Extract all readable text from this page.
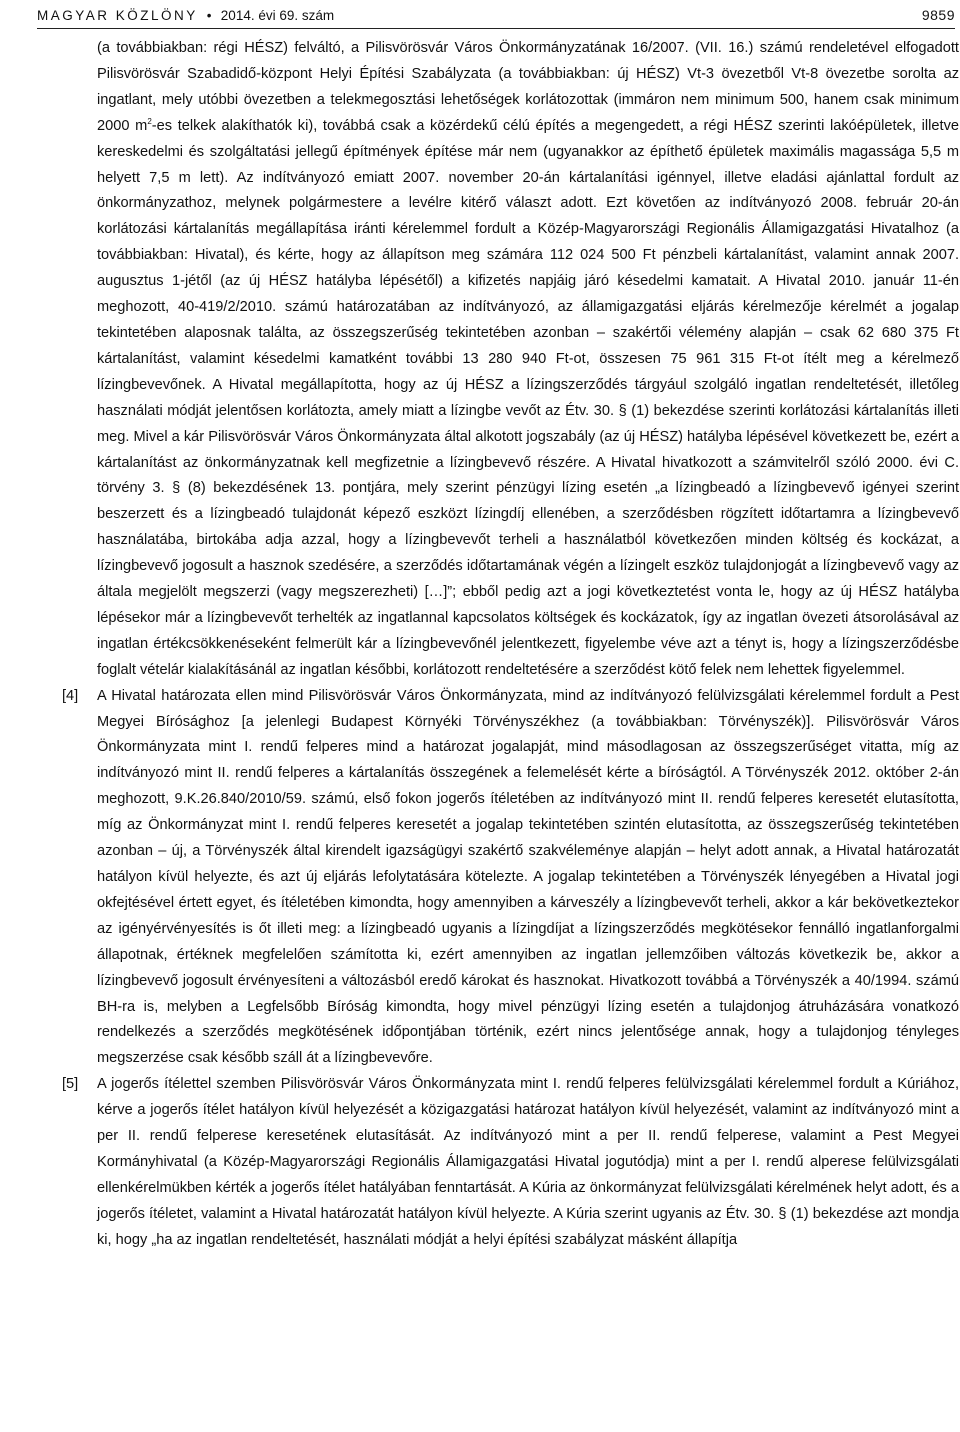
MAGYAR KÖZLÖNY • 2014. évi 69. szám	9859

(a továbbiakban: régi HÉSZ) felváltó, a Pilisvörösvár Város Önkormányzatának 16/2007. (VII. 16.) számú rendeletével elfogadott Pilisvörösvár Szabadidő-központ Helyi Építési Szabályzata (a továbbiakban: új HÉSZ) Vt-3 övezetből Vt-8 övezetbe sorolta az ingatlant, mely utóbbi övezetben a telekmegosztási lehetőségek korlátozottak (immáron nem minimum 500, hanem csak minimum 2000 $m^2-es$ telkek alakíthatók ki), továbbá csak a közérdekű célú építés a megengedett, a régi HÉSZ szerinti lakóépületek, illetve kereskedelmi és szolgáltatási jellegű építmények építése már nem (ugyanakkor az építhető épületek maximális magassága 5,5 m helyett 7,5 m lett). Az indítványozó emiatt 2007. november 20-án kártalanítási igénnyel, illetve eladási ajánlattal fordult az önkormányzathoz, melynek polgármestere a levélre kitérő választ adott. Ezt követően az indítványozó 2008. február 20-án korlátozási kártalanítás megállapítása iránti kérelemmel fordult a Közép-Magyarországi Regionális Államigazgatási Hivatalhoz (a továbbiakban: Hivatal), és kérte, hogy az állapítson meg számára 112 024 500 Ft pénzbeli kártalanítást, valamint annak 2007. augusztus 1-jétől (az új HÉSZ hatályba lépésétől) a kifizetés napjáig járó késedelmi kamatait. A Hivatal 2010. január 11-én meghozott, 40-419/2/2010. számú határozatában az indítványozó, az államigazgatási eljárás kérelmezője kérelmét a jogalap tekintetében alaposnak találta, az összegszerűség tekintetében azonban – szakértői vélemény alapján – csak 62 680 375 Ft kártalanítást, valamint késedelmi kamatként további 13 280 940 Ft-ot, összesen 75 961 315 Ft-ot ítélt meg a kérelmező lízingbevevőnek. A Hivatal megállapította, hogy az új HÉSZ a lízingszerződés tárgyául szolgáló ingatlan rendeltetését, illetőleg használati módját jelentősen korlátozta, amely miatt a lízingbe vevőt az Étv. 30. § (1) bekezdése szerinti korlátozási kártalanítás illeti meg. Mivel a kár Pilisvörösvár Város Önkormányzata által alkotott jogszabály (az új HÉSZ) hatályba lépésével következett be, ezért a kártalanítást az önkormányzatnak kell megfizetnie a lízingbevevő részére. A Hivatal hivatkozott a számvitelről szóló 2000. évi C. törvény 3. § (8) bekezdésének 13. pontjára, mely szerint pénzügyi lízing esetén „a lízingbeadó a lízingbevevő igényei szerint beszerzett és a lízingbeadó tulajdonát képező eszközt lízingdíj ellenében, a szerződésben rögzített időtartamra a lízingbevevő használatába, birtokába adja azzal, hogy a lízingbevevőt terheli a használatból következően minden költség és kockázat, a lízingbevevő jogosult a hasznok szedésére, a szerződés időtartamának végén a lízingelt eszköz tulajdonjogát a lízingbevevő vagy az általa megjelölt megszerzi (vagy megszerezheti) […]”; ebből pedig azt a jogi következtetést vonta le, hogy az új HÉSZ hatályba lépésekor már a lízingbevevőt terhelték az ingatlannal kapcsolatos költségek és kockázatok, így az ingatlan övezeti átsorolásával az ingatlan értékcsökkenéseként felmerült kár a lízingbevevőnél jelentkezett, figyelembe véve azt a tényt is, hogy a lízingszerződésbe foglalt vételár kialakításánál az ingatlan későbbi, korlátozott rendeltetésére a szerződést kötő felek nem lehettek figyelemmel.

[4] A Hivatal határozata ellen mind Pilisvörösvár Város Önkormányzata, mind az indítványozó felülvizsgálati kérelemmel fordult a Pest Megyei Bírósághoz [a jelenlegi Budapest Környéki Törvényszékhez (a továbbiakban: Törvényszék)]. Pilisvörösvár Város Önkormányzata mint I. rendű felperes mind a határozat jogalapját, mind másodlagosan az összegszerűséget vitatta, míg az indítványozó mint II. rendű felperes a kártalanítás összegének a felemelését kérte a bíróságtól. A Törvényszék 2012. október 2-án meghozott, 9.K.26.840/2010/59. számú, első fokon jogerős ítéletében az indítványozó mint II. rendű felperes keresetét elutasította, míg az Önkormányzat mint I. rendű felperes keresetét a jogalap tekintetében szintén elutasította, az összegszerűség tekintetében azonban – új, a Törvényszék által kirendelt igazságügyi szakértő szakvéleménye alapján – helyt adott annak, a Hivatal határozatát hatályon kívül helyezte, és azt új eljárás lefolytatására kötelezte. A jogalap tekintetében a Törvényszék lényegében a Hivatal jogi okfejtésével értett egyet, és ítéletében kimondta, hogy amennyiben a kárveszély a lízingbevevőt terheli, akkor a kár bekövetkeztekor az igényérvényesítés is őt illeti meg: a lízingbeadó ugyanis a lízingdíjat a lízingszerződés megkötésekor fennálló ingatlanforgalmi állapotnak, értéknek megfelelően számította ki, ezért amennyiben az ingatlan jellemzőiben változás következik be, akkor a lízingbevevő jogosult érvényesíteni a változásból eredő károkat és hasznokat. Hivatkozott továbbá a Törvényszék a 40/1994. számú BH-ra is, melyben a Legfelsőbb Bíróság kimondta, hogy mivel pénzügyi lízing esetén a tulajdonjog átruházására vonatkozó rendelkezés a szerződés megkötésének időpontjában történik, ezért nincs jelentősége annak, hogy a tulajdonjog tényleges megszerzése csak később száll át a lízingbevevőre.

[5] A jogerős ítélettel szemben Pilisvörösvár Város Önkormányzata mint I. rendű felperes felülvizsgálati kérelemmel fordult a Kúriához, kérve a jogerős ítélet hatályon kívül helyezését a közigazgatási határozat hatályon kívül helyezését, valamint az indítványozó mint a per II. rendű felperese keresetének elutasítását. Az indítványozó mint a per II. rendű felperese, valamint a Pest Megyei Kormányhivatal (a Közép-Magyarországi Regionális Államigazgatási Hivatal jogutódja) mint a per I. rendű alperese felülvizsgálati ellenkérelmükben kérték a jogerős ítélet hatályában fenntartását. A Kúria az önkormányzat felülvizsgálati kérelmének helyt adott, és a jogerős ítéletet, valamint a Hivatal határozatát hatályon kívül helyezte. A Kúria szerint ugyanis az Étv. 30. § (1) bekezdése azt mondja ki, hogy „ha az ingatlan rendeltetését, használati módját a helyi építési szabályzat másként állapítja
